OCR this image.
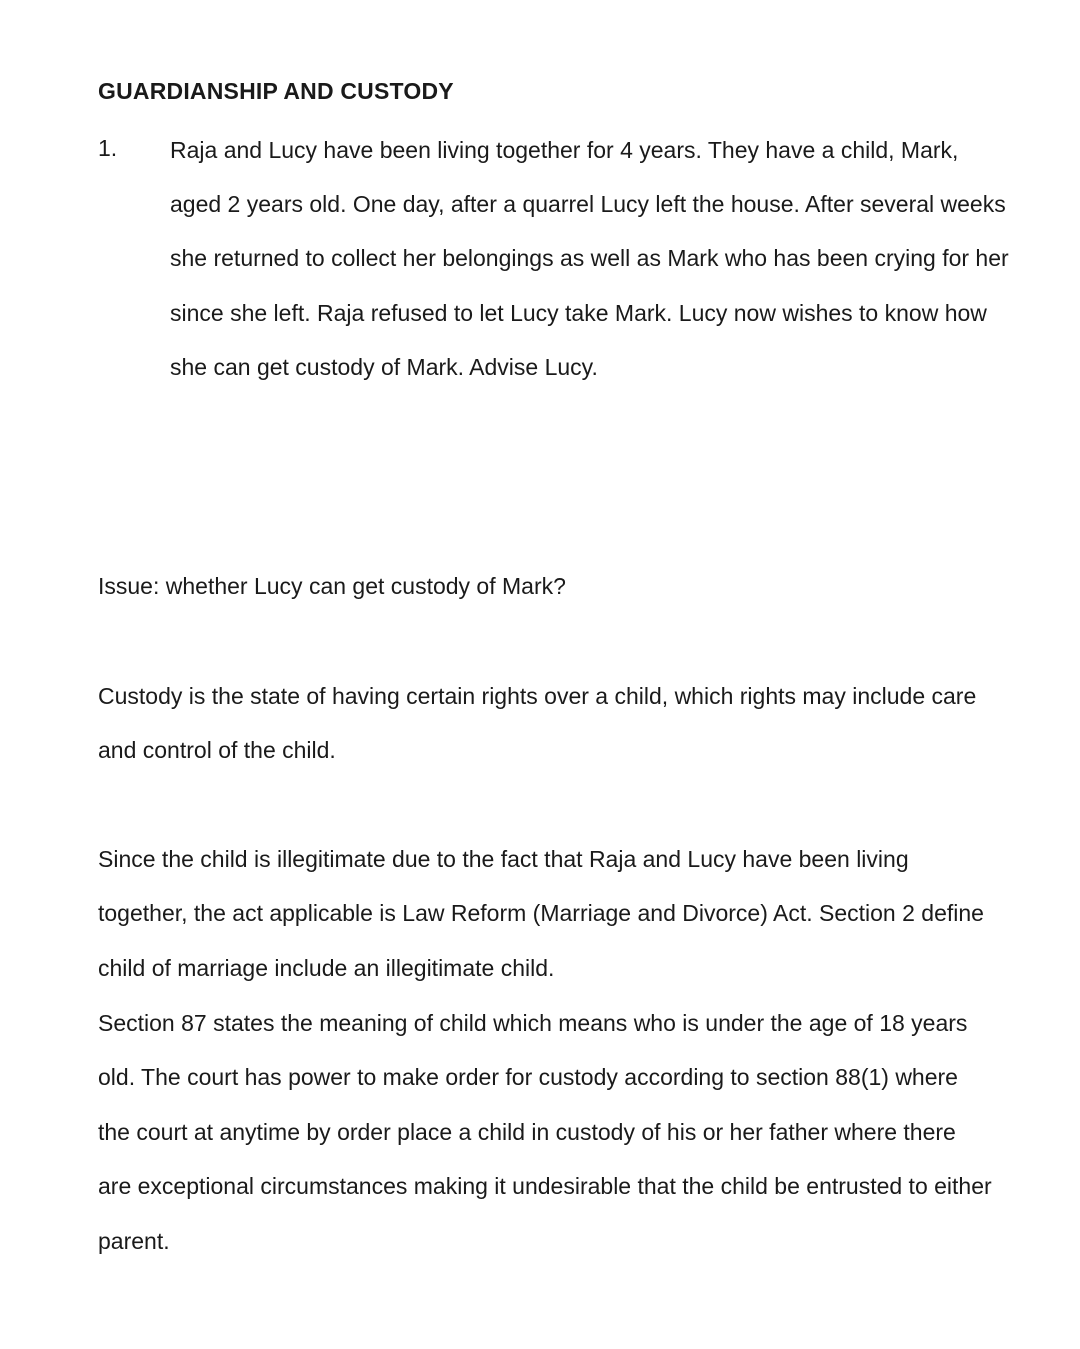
GUARDIANSHIP AND CUSTODY
1. Raja and Lucy have been living together for 4 years. They have a child, Mark,
aged 2 years old. One day, after a quarrel Lucy left the house. After several weeks
she returned to collect her belongings as well as Mark who has been crying for her
since she left. Raja refused to let Lucy take Mark. Lucy now wishes to know how
she can get custody of Mark. Advise Lucy.
Issue: whether Lucy can get custody of Mark?
Custody is the state of having certain rights over a child, which rights may include care
and control of the child.
Since the child is illegitimate due to the fact that Raja and Lucy have been living
together, the act applicable is Law Reform (Marriage and Divorce) Act. Section 2 define
child of marriage include an illegitimate child.
Section 87 states the meaning of child which means who is under the age of 18 years
old. The court has power to make order for custody according to section 88(1) where
the court at anytime by order place a child in custody of his or her father where there
are exceptional circumstances making it undesirable that the child be entrusted to either
parent.
